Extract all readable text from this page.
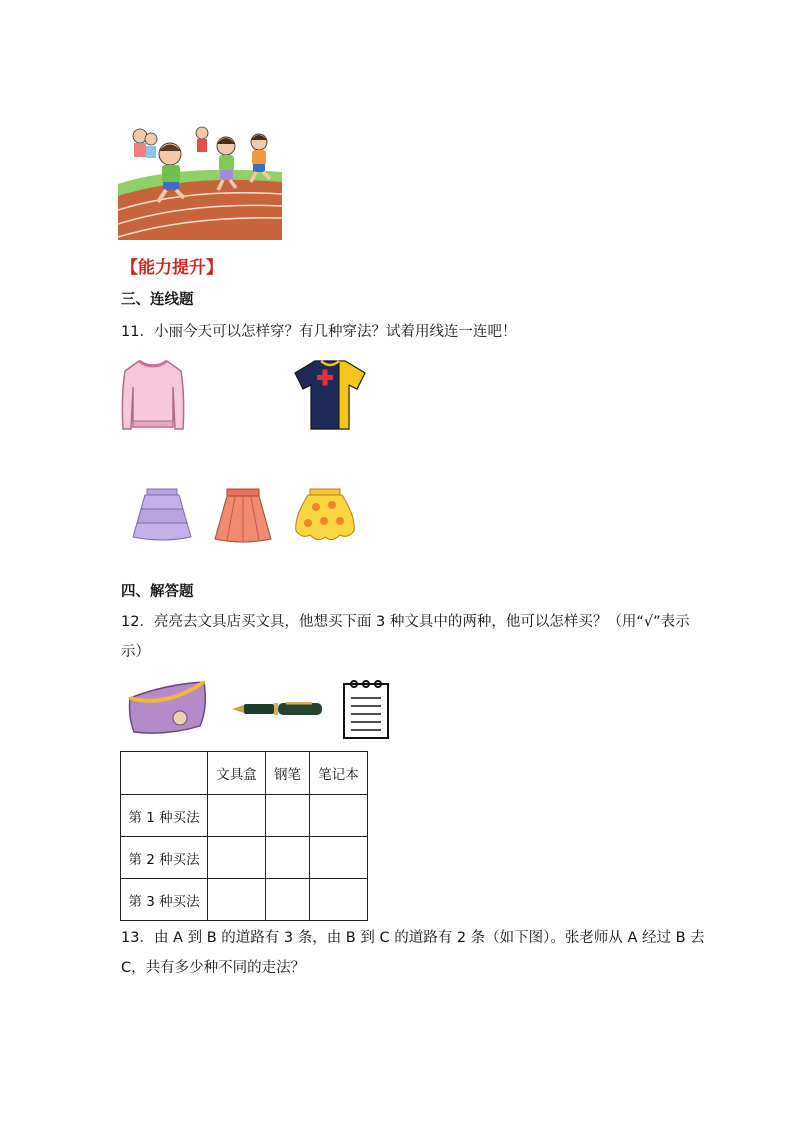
【能力提升】
三、连线题
11．小丽今天可以怎样穿？有几种穿法？试着用线连一连吧！
四、解答题
12．亮亮去文具店买文具，他想买下面 3 种文具中的两种，他可以怎样买？（用“√”表示
示）
	文具盒	钢笔	笔记本
第 1 种买法			
第 2 种买法			
第 3 种买法			
13．由 A 到 B 的道路有 3 条，由 B 到 C 的道路有 2 条（如下图）。张老师从 A 经过 B 去
C，共有多少种不同的走法？
